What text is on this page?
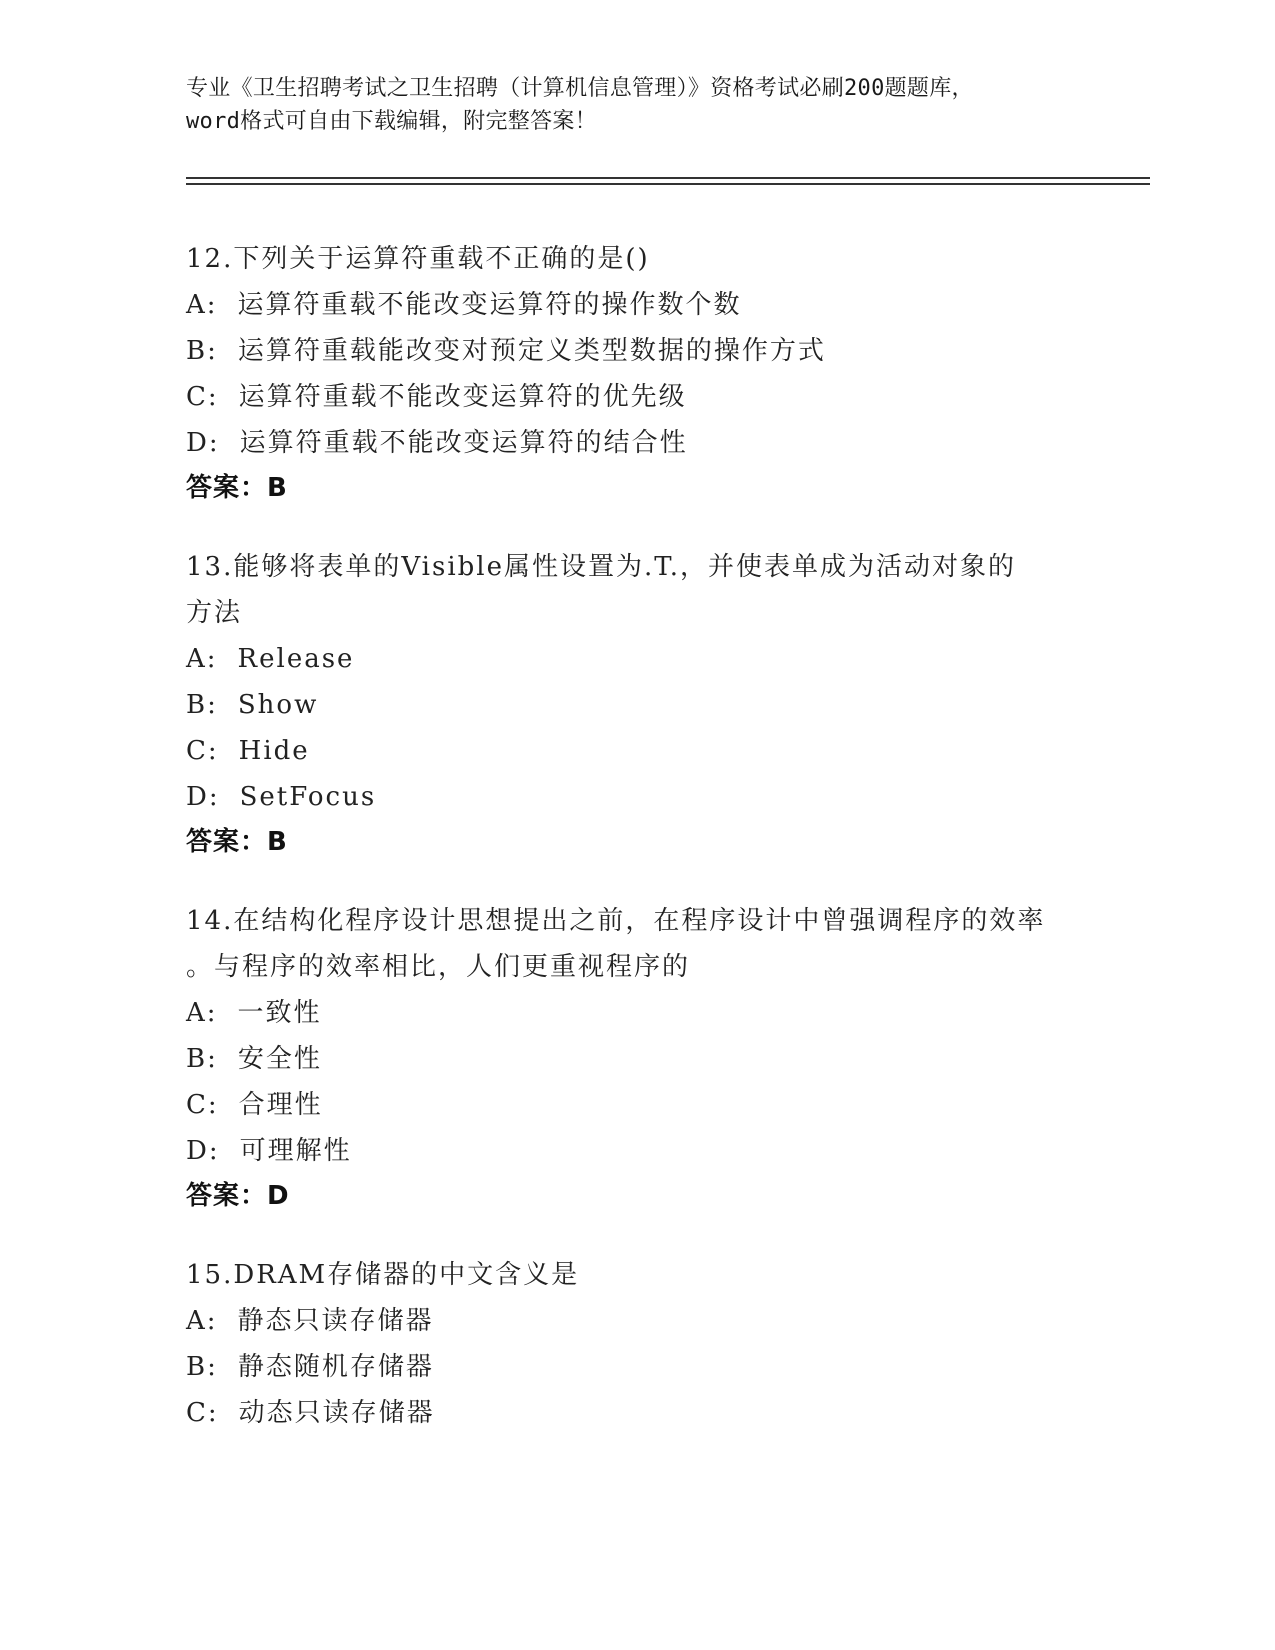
专业《卫生招聘考试之卫生招聘（计算机信息管理）》资格考试必刷200题题库，
word格式可自由下载编辑，附完整答案！
12.下列关于运算符重载不正确的是()
A: 运算符重载不能改变运算符的操作数个数
B: 运算符重载能改变对预定义类型数据的操作方式
C: 运算符重载不能改变运算符的优先级
D: 运算符重载不能改变运算符的结合性
答案：B
13.能够将表单的Visible属性设置为.T.，并使表单成为活动对象的
方法
A: Release
B: Show
C: Hide
D: SetFocus
答案：B
14.在结构化程序设计思想提出之前，在程序设计中曾强调程序的效率
。与程序的效率相比，人们更重视程序的
A: 一致性
B: 安全性
C: 合理性
D: 可理解性
答案：D
15.DRAM存储器的中文含义是
A: 静态只读存储器
B: 静态随机存储器
C: 动态只读存储器
